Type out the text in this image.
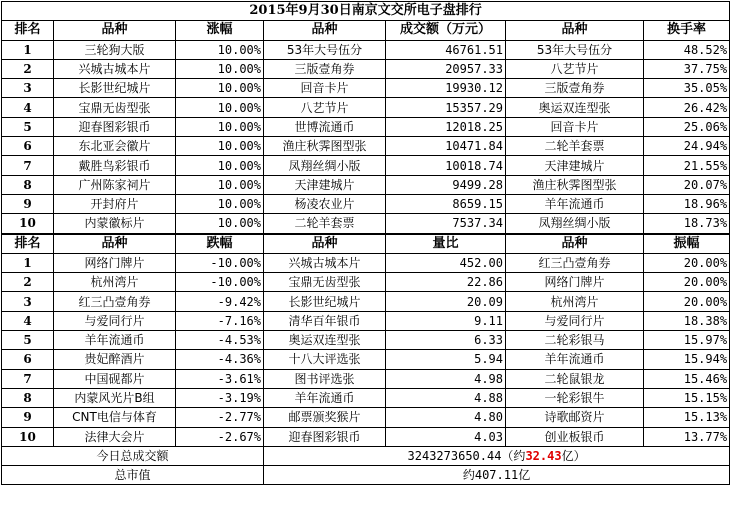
2015年9月30日南京文交所电子盘排行						
排名	品种	涨幅	品种	成交额（万元）	品种	换手率
1	三轮狗大版	10.00%	53年大号伍分	46761.51	53年大号伍分	48.52%
2	兴城古城本片	10.00%	三版壹角券	20957.33	八艺节片	37.75%
3	长影世纪城片	10.00%	回音卡片	19930.12	三版壹角券	35.05%
4	宝鼎无齿型张	10.00%	八艺节片	15357.29	奥运双连型张	26.42%
5	迎春图彩银币	10.00%	世博流通币	12018.25	回音卡片	25.06%
6	东北亚会徽片	10.00%	渔庄秋霁图型张	10471.84	二轮羊套票	24.94%
7	戴胜鸟彩银币	10.00%	凤翔丝绸小版	10018.74	天津建城片	21.55%
8	广州陈家祠片	10.00%	天津建城片	9499.28	渔庄秋霁图型张	20.07%
9	开封府片	10.00%	杨凌农业片	8659.15	羊年流通币	18.96%
10	内蒙徽标片	10.00%	二轮羊套票	7537.34	凤翔丝绸小版	18.73%
排名	品种	跌幅	品种	量比	品种	振幅
1	网络门牌片	-10.00%	兴城古城本片	452.00	红三凸壹角券	20.00%
2	杭州湾片	-10.00%	宝鼎无齿型张	22.86	网络门牌片	20.00%
3	红三凸壹角券	-9.42%	长影世纪城片	20.09	杭州湾片	20.00%
4	与爱同行片	-7.16%	清华百年银币	9.11	与爱同行片	18.38%
5	羊年流通币	-4.53%	奥运双连型张	6.33	二轮彩银马	15.97%
6	贵妃醉酒片	-4.36%	十八大评选张	5.94	羊年流通币	15.94%
7	中国砚都片	-3.61%	图书评选张	4.98	二轮鼠银龙	15.46%
8	内蒙风光片B组	-3.19%	羊年流通币	4.88	一轮彩银牛	15.15%
9	CNT电信与体育	-2.77%	邮票颁奖猴片	4.80	诗歌邮资片	15.13%
10	法律大会片	-2.67%	迎春图彩银币	4.03	创业板银币	13.77%
今日总成交额			3243273650.44（约32.43亿）			
总市值			约407.11亿			
